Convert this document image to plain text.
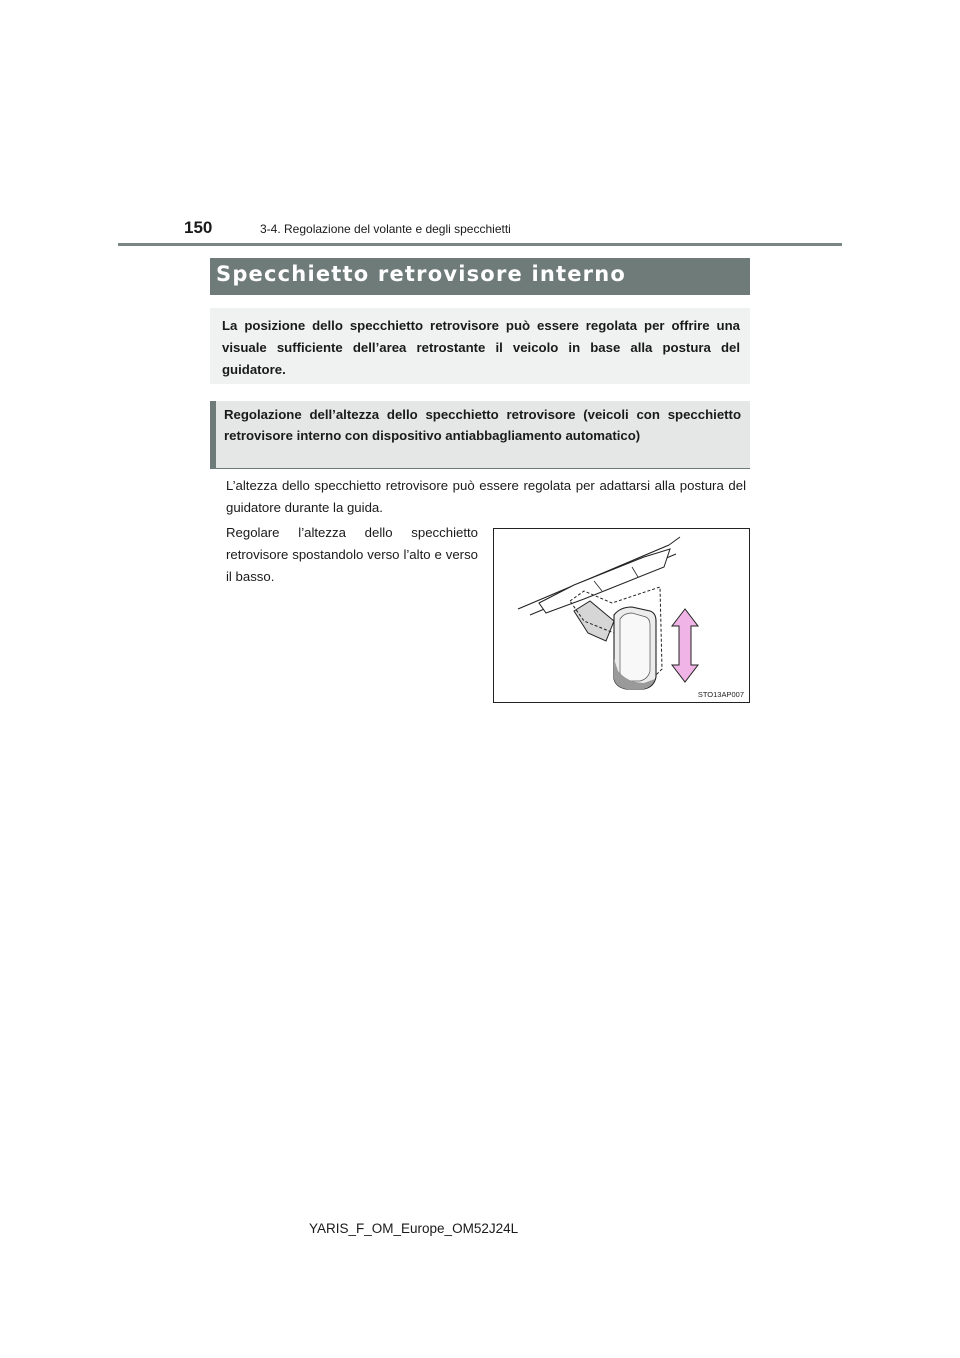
150	3-4. Regolazione del volante e degli specchietti
Specchietto retrovisore interno

La posizione dello specchietto retrovisore può essere regolata per offrire una visuale sufficiente dell’area retrostante il veicolo in base alla postura del guidatore.

Regolazione dell’altezza dello specchietto retrovisore (veicoli con specchietto retrovisore interno con dispositivo antiabbagliamento automatico)

L’altezza dello specchietto retrovisore può essere regolata per adattarsi alla postura del guidatore durante la guida.

Regolare l’altezza dello specchietto retrovisore spostandolo verso l’alto e verso il basso.

STO13AP007
YARIS_F_OM_Europe_OM52J24L
